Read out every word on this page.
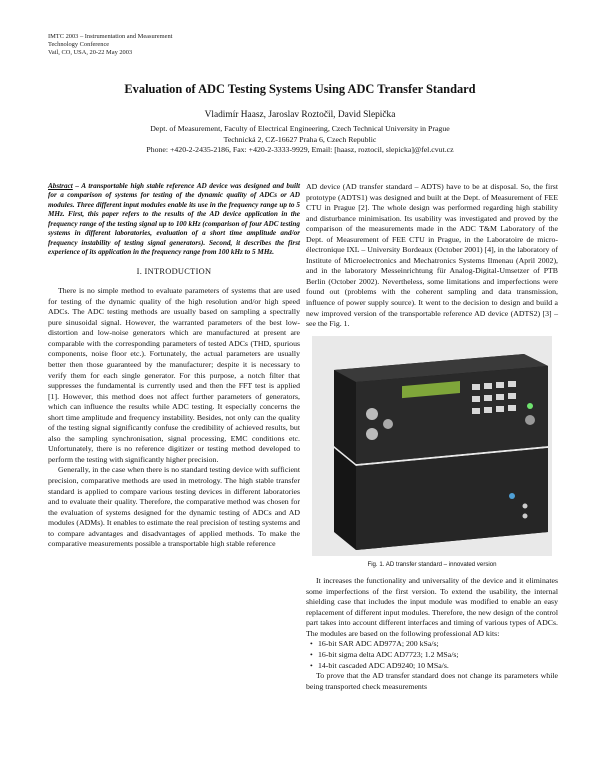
IMTC 2003 – Instrumentation and Measurement
Technology Conference
Vail, CO, USA, 20-22 May 2003
Evaluation of ADC Testing Systems Using ADC Transfer Standard
Vladimír Haasz, Jaroslav Roztočil, David Slepička
Dept. of Measurement, Faculty of Electrical Engineering, Czech Technical University in Prague
Technická 2, CZ-16627 Praha 6, Czech Republic
Phone: +420-2-2435-2186, Fax: +420-2-3333-9929, Email: [haasz, roztocil, slepicka]@fel.cvut.cz
Abstract – A transportable high stable reference AD device was designed and built for a comparison of systems for testing of the dynamic quality of ADCs or AD modules. Three different input modules enable its use in the frequency range up to 5 MHz. First, this paper refers to the results of the AD device application in the frequency range of the testing signal up to 100 kHz (comparison of four ADC testing systems in different laboratories, evaluation of a short time amplitude and/or frequency instability of testing signal generators). Second, it describes the first experience of its application in the frequency range from 100 kHz to 5 MHz.
I. INTRODUCTION

There is no simple method to evaluate parameters of systems that are used for testing of the dynamic quality of the high resolution and/or high speed ADCs. The ADC testing methods are usually based on sampling a spectrally pure sinusoidal signal. However, the warranted parameters of the best low-distortion and low-noise generators which are manufactured at present are comparable with the corresponding parameters of tested ADCs (THD, spurious components, noise floor etc.). Fortunately, the actual parameters are usually better then those guaranteed by the manufacturer; despite it is necessary to verify them for each single generator. For this purpose, a notch filter that suppresses the fundamental is currently used and then the FFT test is applied [1]. However, this method does not affect further parameters of generators, which can influence the results while ADC testing. It especially concerns the short time amplitude and frequency instability. Besides, not only can the quality of the testing signal significantly confuse the credibility of achieved results, but also the sampling synchronisation, signal processing, EMC conditions etc. Unfortunately, there is no reference digitizer or testing method developed to perform the testing with significantly higher precision.

Generally, in the case when there is no standard testing device with sufficient precision, comparative methods are used in metrology. The high stable transfer standard is applied to compare various testing devices in different laboratories and to evaluate their quality. Therefore, the comparative method was chosen for the evaluation of systems designed for the dynamic testing of ADCs and AD modules (ADMs). It enables to estimate the real precision of testing systems and to compare advantages and disadvantages of applied methods. To make the comparative measurements possible a transportable high stable reference

AD device (AD transfer standard – ADTS) have to be at disposal. So, the first prototype (ADTS1) was designed and built at the Dept. of Measurement of FEE CTU in Prague [2]. The whole design was performed regarding high stability and disturbance minimisation. Its usability was investigated and proved by the comparison of the measurements made in the ADC T&M Laboratory of the Dept. of Measurement of FEE CTU in Prague, in the Laboratoire de micro-électronique IXL – University Bordeaux (October 2001) [4], in the laboratory of Institute of Microelectronics and Mechatronics Systems Ilmenau (April 2002), and in the laboratory Messeinrichtung für Analog-Digital-Umsetzer of PTB Berlin (October 2002). Nevertheless, some limitations and imperfections were found out (problems with the coherent sampling and data transmission, influence of power supply source). It went to the decision to design and build a new improved version of the transportable reference AD device (ADTS2) [3] – see the Fig. 1.

Fig. 1. AD transfer standard – innovated version

It increases the functionality and universality of the device and it eliminates some imperfections of the first version. To extend the usability, the internal shielding case that includes the input module was modified to enable an easy replacement of different input modules. Therefore, the new design of the control part takes into account different interfaces and timing of various types of ADCs. The modules are based on the following professional AD kits:

• 16-bit SAR ADC AD977A; 200 kSa/s;
• 16-bit sigma delta ADC AD7723; 1.2 MSa/s;
• 14-bit cascaded ADC AD9240; 10 MSa/s.

To prove that the AD transfer standard does not change its parameters while being transported check measurements
